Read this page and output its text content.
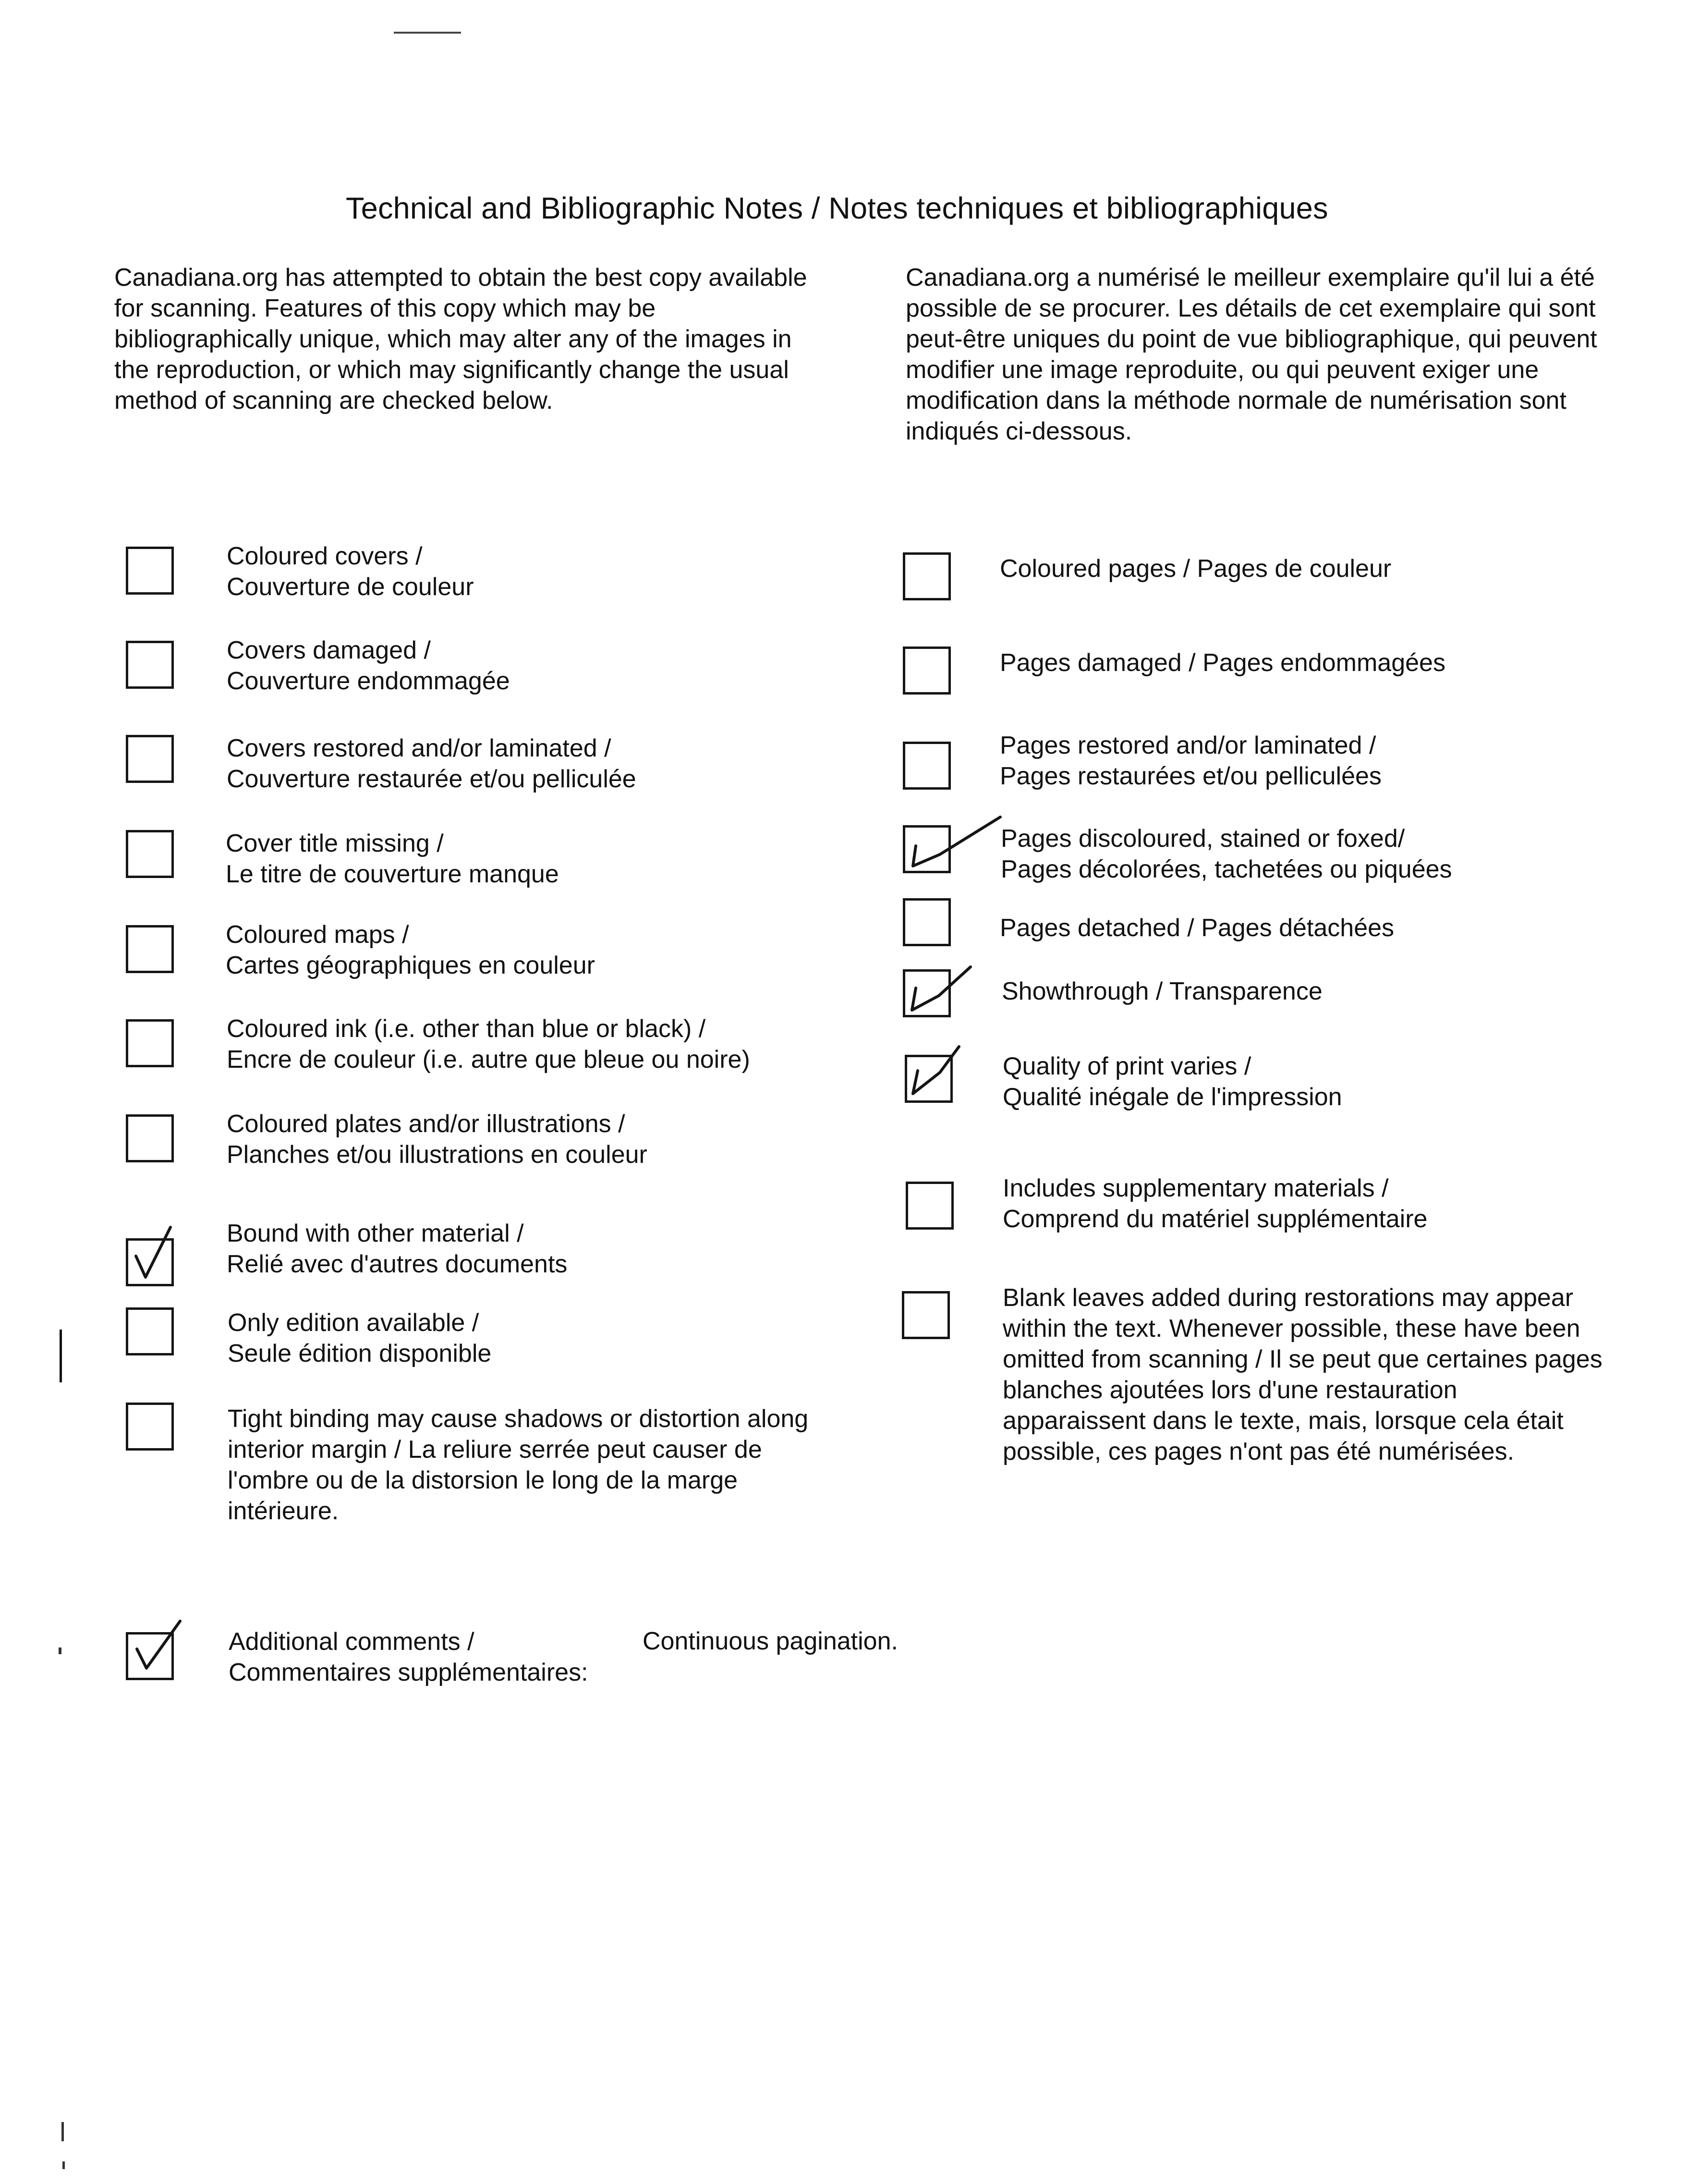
Technical and Bibliographic Notes / Notes techniques et bibliographiques
Canadiana.org has attempted to obtain the best copy available for scanning. Features of this copy which may be bibliographically unique, which may alter any of the images in the reproduction, or which may significantly change the usual method of scanning are checked below.
Canadiana.org a numérisé le meilleur exemplaire qu'il lui a été possible de se procurer. Les détails de cet exemplaire qui sont peut-être uniques du point de vue bibliographique, qui peuvent modifier une image reproduite, ou qui peuvent exiger une modification dans la méthode normale de numérisation sont indiqués ci-dessous.
Coloured covers /
Couverture de couleur
Covers damaged /
Couverture endommagée
Covers restored and/or laminated /
Couverture restaurée et/ou pelliculée
Cover title missing /
Le titre de couverture manque
Coloured maps /
Cartes géographiques en couleur
Coloured ink (i.e. other than blue or black) /
Encre de couleur (i.e. autre que bleue ou noire)
Coloured plates and/or illustrations /
Planches et/ou illustrations en couleur
Bound with other material /
Relié avec d'autres documents
Only edition available /
Seule édition disponible
Tight binding may cause shadows or distortion along interior margin / La reliure serrée peut causer de l'ombre ou de la distorsion le long de la marge intérieure.
Coloured pages / Pages de couleur
Pages damaged / Pages endommagées
Pages restored and/or laminated /
Pages restaurées et/ou pelliculées
Pages discoloured, stained or foxed/
Pages décolorées, tachetées ou piquées
Pages detached / Pages détachées
Showthrough / Transparence
Quality of print varies /
Qualité inégale de l'impression
Includes supplementary materials /
Comprend du matériel supplémentaire
Blank leaves added during restorations may appear within the text. Whenever possible, these have been omitted from scanning / Il se peut que certaines pages blanches ajoutées lors d'une restauration apparaissent dans le texte, mais, lorsque cela était possible, ces pages n'ont pas été numérisées.
Additional comments /
Commentaires supplémentaires:
Continuous pagination.
